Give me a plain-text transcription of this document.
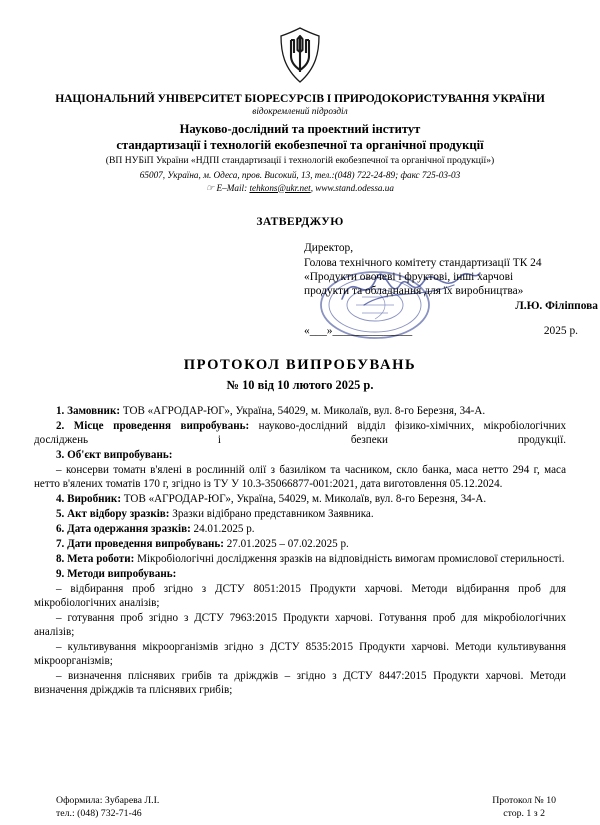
НАЦІОНАЛЬНИЙ УНІВЕРСИТЕТ БІОРЕСУРСІВ І ПРИРОДОКОРИСТУВАННЯ УКРАЇНИ
відокремлений підрозділ
Науково-дослідний та проектний інститут
стандартизації і технологій екобезпечної та органічної продукції
(ВП НУБіП України «НДПІ стандартизації і технологій екобезпечної та органічної продукції»)
65007, Україна, м. Одеса, пров. Високий, 13, тел.:(048) 722-24-89; факс 725-03-03
☞ E–Mail: tehkons@ukr.net, www.stand.odessa.ua
ЗАТВЕРДЖУЮ
Директор,
Голова технічного комітету стандартизації ТК 24
«Продукти овочеві і фруктові, інші харчові
продукти та обладнання для їх виробництва»
Л.Ю. Філіппова
«___»______________	2025 р.
ПРОТОКОЛ ВИПРОБУВАНЬ
№ 10 від 10 лютого 2025 р.

1. Замовник: ТОВ «АГРОДАР-ЮГ», Україна, 54029, м. Миколаїв, вул. 8-го Березня, 34-А.

2. Місце проведення випробувань: науково-дослідний відділ фізико-хімічних, мікробіологічних досліджень і безпеки продукції.

3. Об'єкт випробувань:

– консерви томатн в'ялені в рослинній олії з базиліком та часником, скло банка, маса нетто 294 г, маса нетто в'ялених томатів 170 г, згідно із ТУ У 10.3-35066877-001:2021, дата виготовлення 05.12.2024.

4. Виробник: ТОВ «АГРОДАР-ЮГ», Україна, 54029, м. Миколаїв, вул. 8-го Березня, 34-А.

5. Акт відбору зразків: Зразки відібрано представником Заявника.

6. Дата одержання зразків: 24.01.2025 р.

7. Дати проведення випробувань: 27.01.2025 – 07.02.2025 р.

8. Мета роботи: Мікробіологічні дослідження зразків на відповідність вимогам промислової стерильності.

9. Методи випробувань:

– відбирання проб згідно з ДСТУ 8051:2015 Продукти харчові. Методи відбирання проб для мікробіологічних аналізів;

– готування проб згідно з ДСТУ 7963:2015 Продукти харчові. Готування проб для мікробіологічних аналізів;

– культивування мікроорганізмів згідно з ДСТУ 8535:2015 Продукти харчові. Методи культивування мікроорганізмів;

– визначення пліснявих грибів та дріжджів – згідно з ДСТУ 8447:2015 Продукти харчові. Методи визначення дріжджів та пліснявих грибів;

Оформила: Зубарева Л.І.
тел.: (048) 732-71-46
Протокол № 10
стор. 1 з 2
